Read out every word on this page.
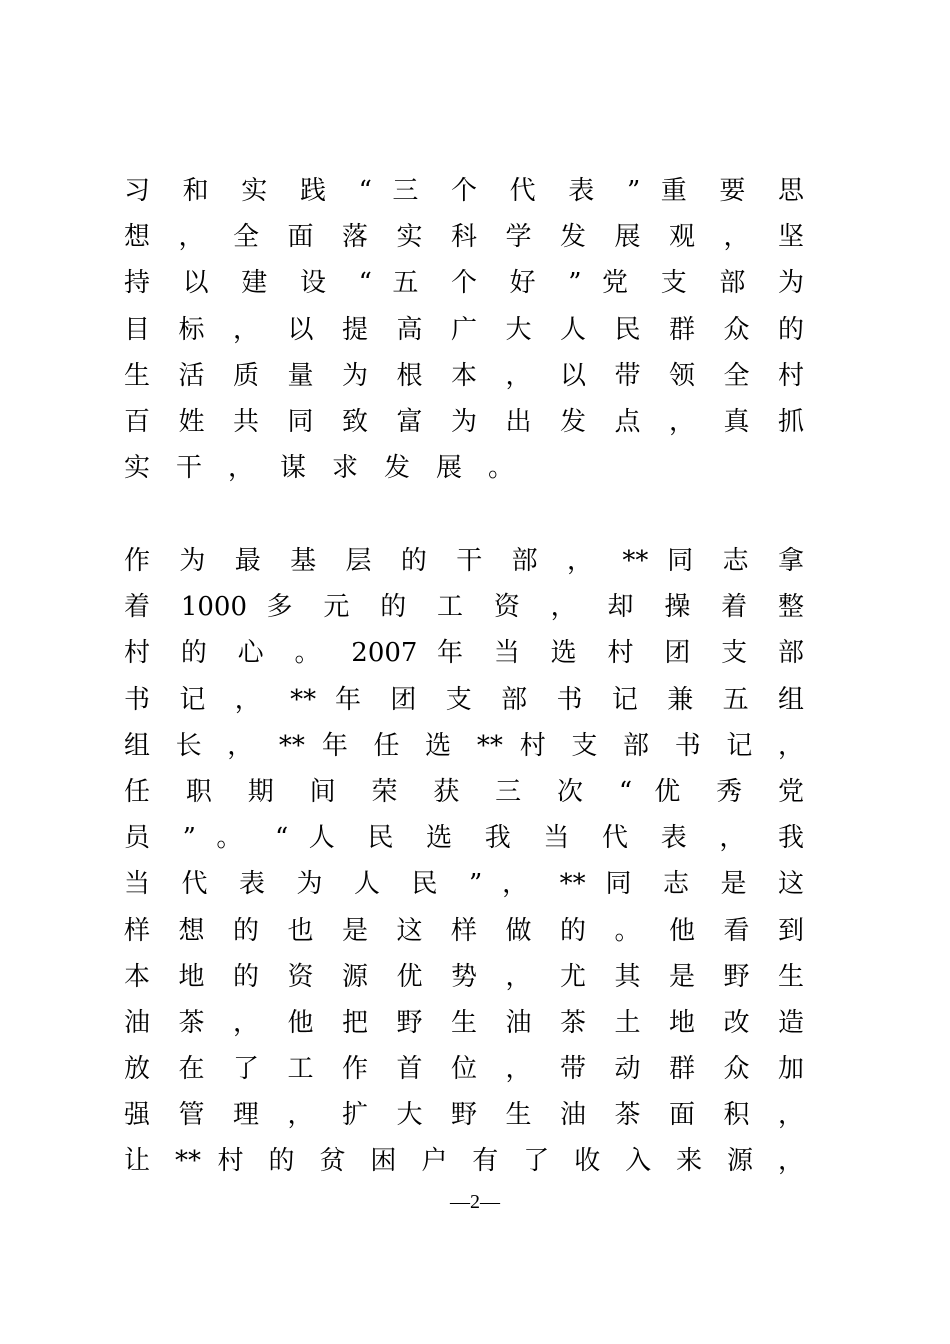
习 和 实 践 “ 三 个 代 表 ” 重 要 思
想 ， 全 面 落 实 科 学 发 展 观 ， 坚
持 以 建 设 “ 五 个 好 ” 党 支 部 为
目 标 ， 以 提 高 广 大 人 民 群 众 的
生 活 质 量 为 根 本 ， 以 带 领 全 村
百 姓 共 同 致 富 为 出 发 点 ， 真 抓
实干，谋求发展。
作 为 最 基 层 的 干 部 ， ** 同 志 拿
着 1000 多 元 的 工 资 ， 却 操 着 整
村 的 心 。 2007 年 当 选 村 团 支 部
书 记 ， ** 年 团 支 部 书 记 兼 五 组
组 长 ， ** 年 任 选 ** 村 支 部 书 记 ，
任 职 期 间 荣 获 三 次 “ 优 秀 党
员 ” 。 “ 人 民 选 我 当 代 表 ， 我
当 代 表 为 人 民 ” ， ** 同 志 是 这
样 想 的 也 是 这 样 做 的 。 他 看 到
本 地 的 资 源 优 势 ， 尤 其 是 野 生
油 茶 ， 他 把 野 生 油 茶 土 地 改 造
放 在 了 工 作 首 位 ， 带 动 群 众 加
强 管 理 ， 扩 大 野 生 油 茶 面 积 ，
让 ** 村 的 贫 困 户 有 了 收 入 来 源 ，
—2—
